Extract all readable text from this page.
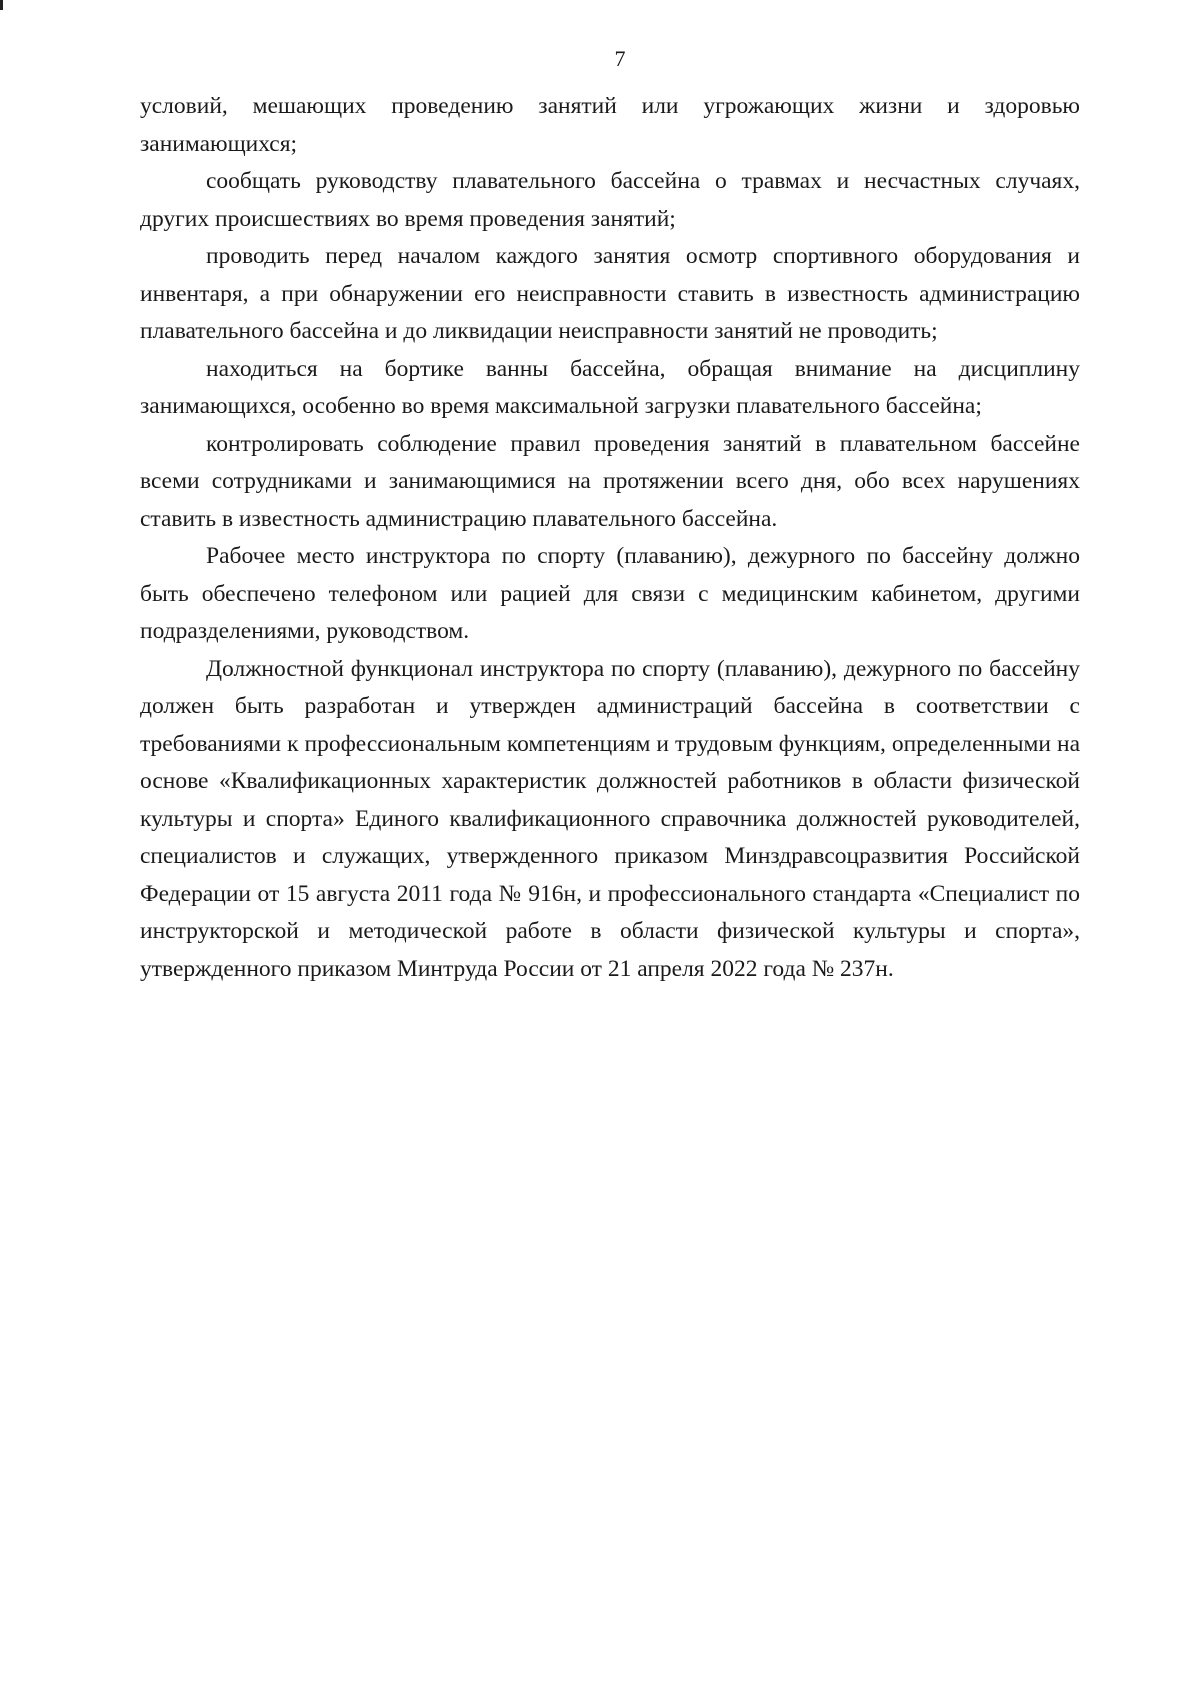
7

условий, мешающих проведению занятий или угрожающих жизни и здоровью занимающихся;

сообщать руководству плавательного бассейна о травмах и несчастных случаях, других происшествиях во время проведения занятий;

проводить перед началом каждого занятия осмотр спортивного оборудования и инвентаря, а при обнаружении его неисправности ставить в известность администрацию плавательного бассейна и до ликвидации неисправности занятий не проводить;

находиться на бортике ванны бассейна, обращая внимание на дисциплину занимающихся, особенно во время максимальной загрузки плавательного бассейна;

контролировать соблюдение правил проведения занятий в плавательном бассейне всеми сотрудниками и занимающимися на протяжении всего дня, обо всех нарушениях ставить в известность администрацию плавательного бассейна.

Рабочее место инструктора по спорту (плаванию), дежурного по бассейну должно быть обеспечено телефоном или рацией для связи с медицинским кабинетом, другими подразделениями, руководством.

Должностной функционал инструктора по спорту (плаванию), дежурного по бассейну должен быть разработан и утвержден администраций бассейна в соответствии с требованиями к профессиональным компетенциям и трудовым функциям, определенными на основе «Квалификационных характеристик должностей работников в области физической культуры и спорта» Единого квалификационного справочника должностей руководителей, специалистов и служащих, утвержденного приказом Минздравсоцразвития Российской Федерации от 15 августа 2011 года № 916н, и профессионального стандарта «Специалист по инструкторской и методической работе в области физической культуры и спорта», утвержденного приказом Минтруда России от 21 апреля 2022 года № 237н.
